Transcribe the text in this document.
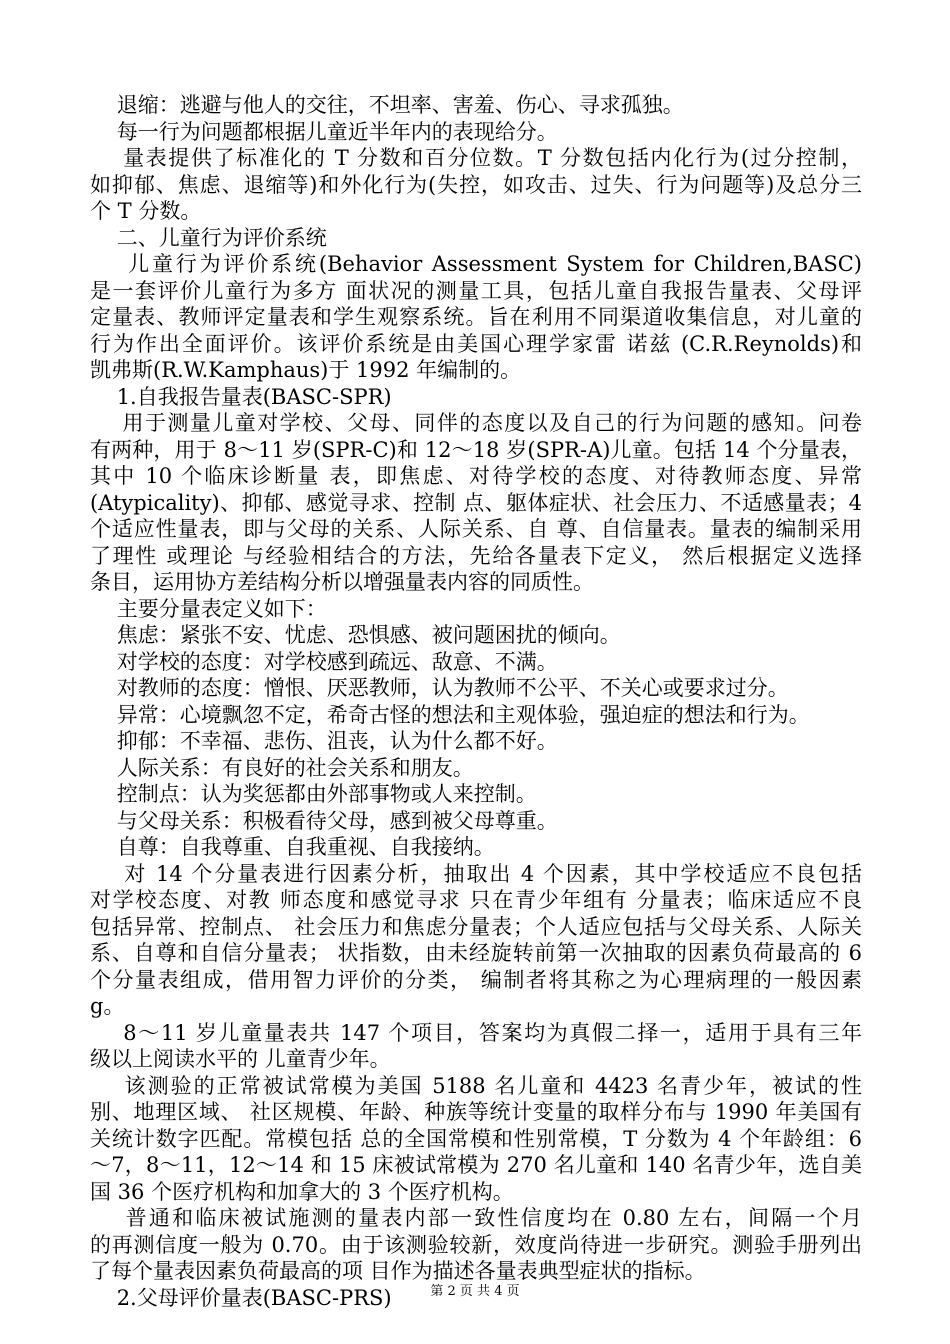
退缩：逃避与他人的交往，不坦率、害羞、伤心、寻求孤独。
每一行为问题都根据儿童近半年内的表现给分。
量表提供了标准化的 T 分数和百分位数。T 分数包括内化行为(过分控制，
如抑郁、焦虑、退缩等)和外化行为(失控，如攻击、过失、行为问题等)及总分三
个 T 分数。
二、儿童行为评价系统
儿童行为评价系统(Behavior Assessment System for Children,BASC)
是一套评价儿童行为多方 面状况的测量工具，包括儿童自我报告量表、父母评
定量表、教师评定量表和学生观察系统。旨在利用不同渠道收集信息，对儿童的
行为作出全面评价。该评价系统是由美国心理学家雷 诺兹 (C.R.Reynolds)和
凯弗斯(R.W.Kamphaus)于 1992 年编制的。
1.自我报告量表(BASC-SPR)
用于测量儿童对学校、父母、同伴的态度以及自己的行为问题的感知。问卷
有两种，用于 8～11 岁(SPR-C)和 12～18 岁(SPR-A)儿童。包括 14 个分量表，
其中 10 个临床诊断量 表，即焦虑、对待学校的态度、对待教师态度、异常
(Atypicality)、抑郁、感觉寻求、控制 点、躯体症状、社会压力、不适感量表；4
个适应性量表，即与父母的关系、人际关系、自 尊、自信量表。量表的编制采用
了理性 或理论 与经验相结合的方法，先给各量表下定义， 然后根据定义选择
条目，运用协方差结构分析以增强量表内容的同质性。
主要分量表定义如下：
焦虑：紧张不安、忧虑、恐惧感、被问题困扰的倾向。
对学校的态度：对学校感到疏远、敌意、不满。
对教师的态度：憎恨、厌恶教师，认为教师不公平、不关心或要求过分。
异常：心境飘忽不定，希奇古怪的想法和主观体验，强迫症的想法和行为。
抑郁：不幸福、悲伤、沮丧，认为什么都不好。
人际关系：有良好的社会关系和朋友。
控制点：认为奖惩都由外部事物或人来控制。
与父母关系：积极看待父母，感到被父母尊重。
自尊：自我尊重、自我重视、自我接纳。
对 14 个分量表进行因素分析，抽取出 4 个因素，其中学校适应不良包括
对学校态度、对教 师态度和感觉寻求 只在青少年组有 分量表；临床适应不良
包括异常、控制点、 社会压力和焦虑分量表；个人适应包括与父母关系、人际关
系、自尊和自信分量表； 状指数，由未经旋转前第一次抽取的因素负荷最高的 6
个分量表组成，借用智力评价的分类， 编制者将其称之为心理病理的一般因素
g。
8～11 岁儿童量表共 147 个项目，答案均为真假二择一，适用于具有三年
级以上阅读水平的 儿童青少年。
该测验的正常被试常模为美国 5188 名儿童和 4423 名青少年，被试的性
别、地理区域、 社区规模、年龄、种族等统计变量的取样分布与 1990 年美国有
关统计数字匹配。常模包括 总的全国常模和性别常模，T 分数为 4 个年龄组：6
～7，8～11，12～14 和 15 床被试常模为 270 名儿童和 140 名青少年，选自美
国 36 个医疗机构和加拿大的 3 个医疗机构。
普通和临床被试施测的量表内部一致性信度均在 0.80 左右，间隔一个月
的再测信度一般为 0.70。由于该测验较新，效度尚待进一步研究。测验手册列出
了每个量表因素负荷最高的项 目作为描述各量表典型症状的指标。
2.父母评价量表(BASC-PRS)	第 2 页 共 4 页
